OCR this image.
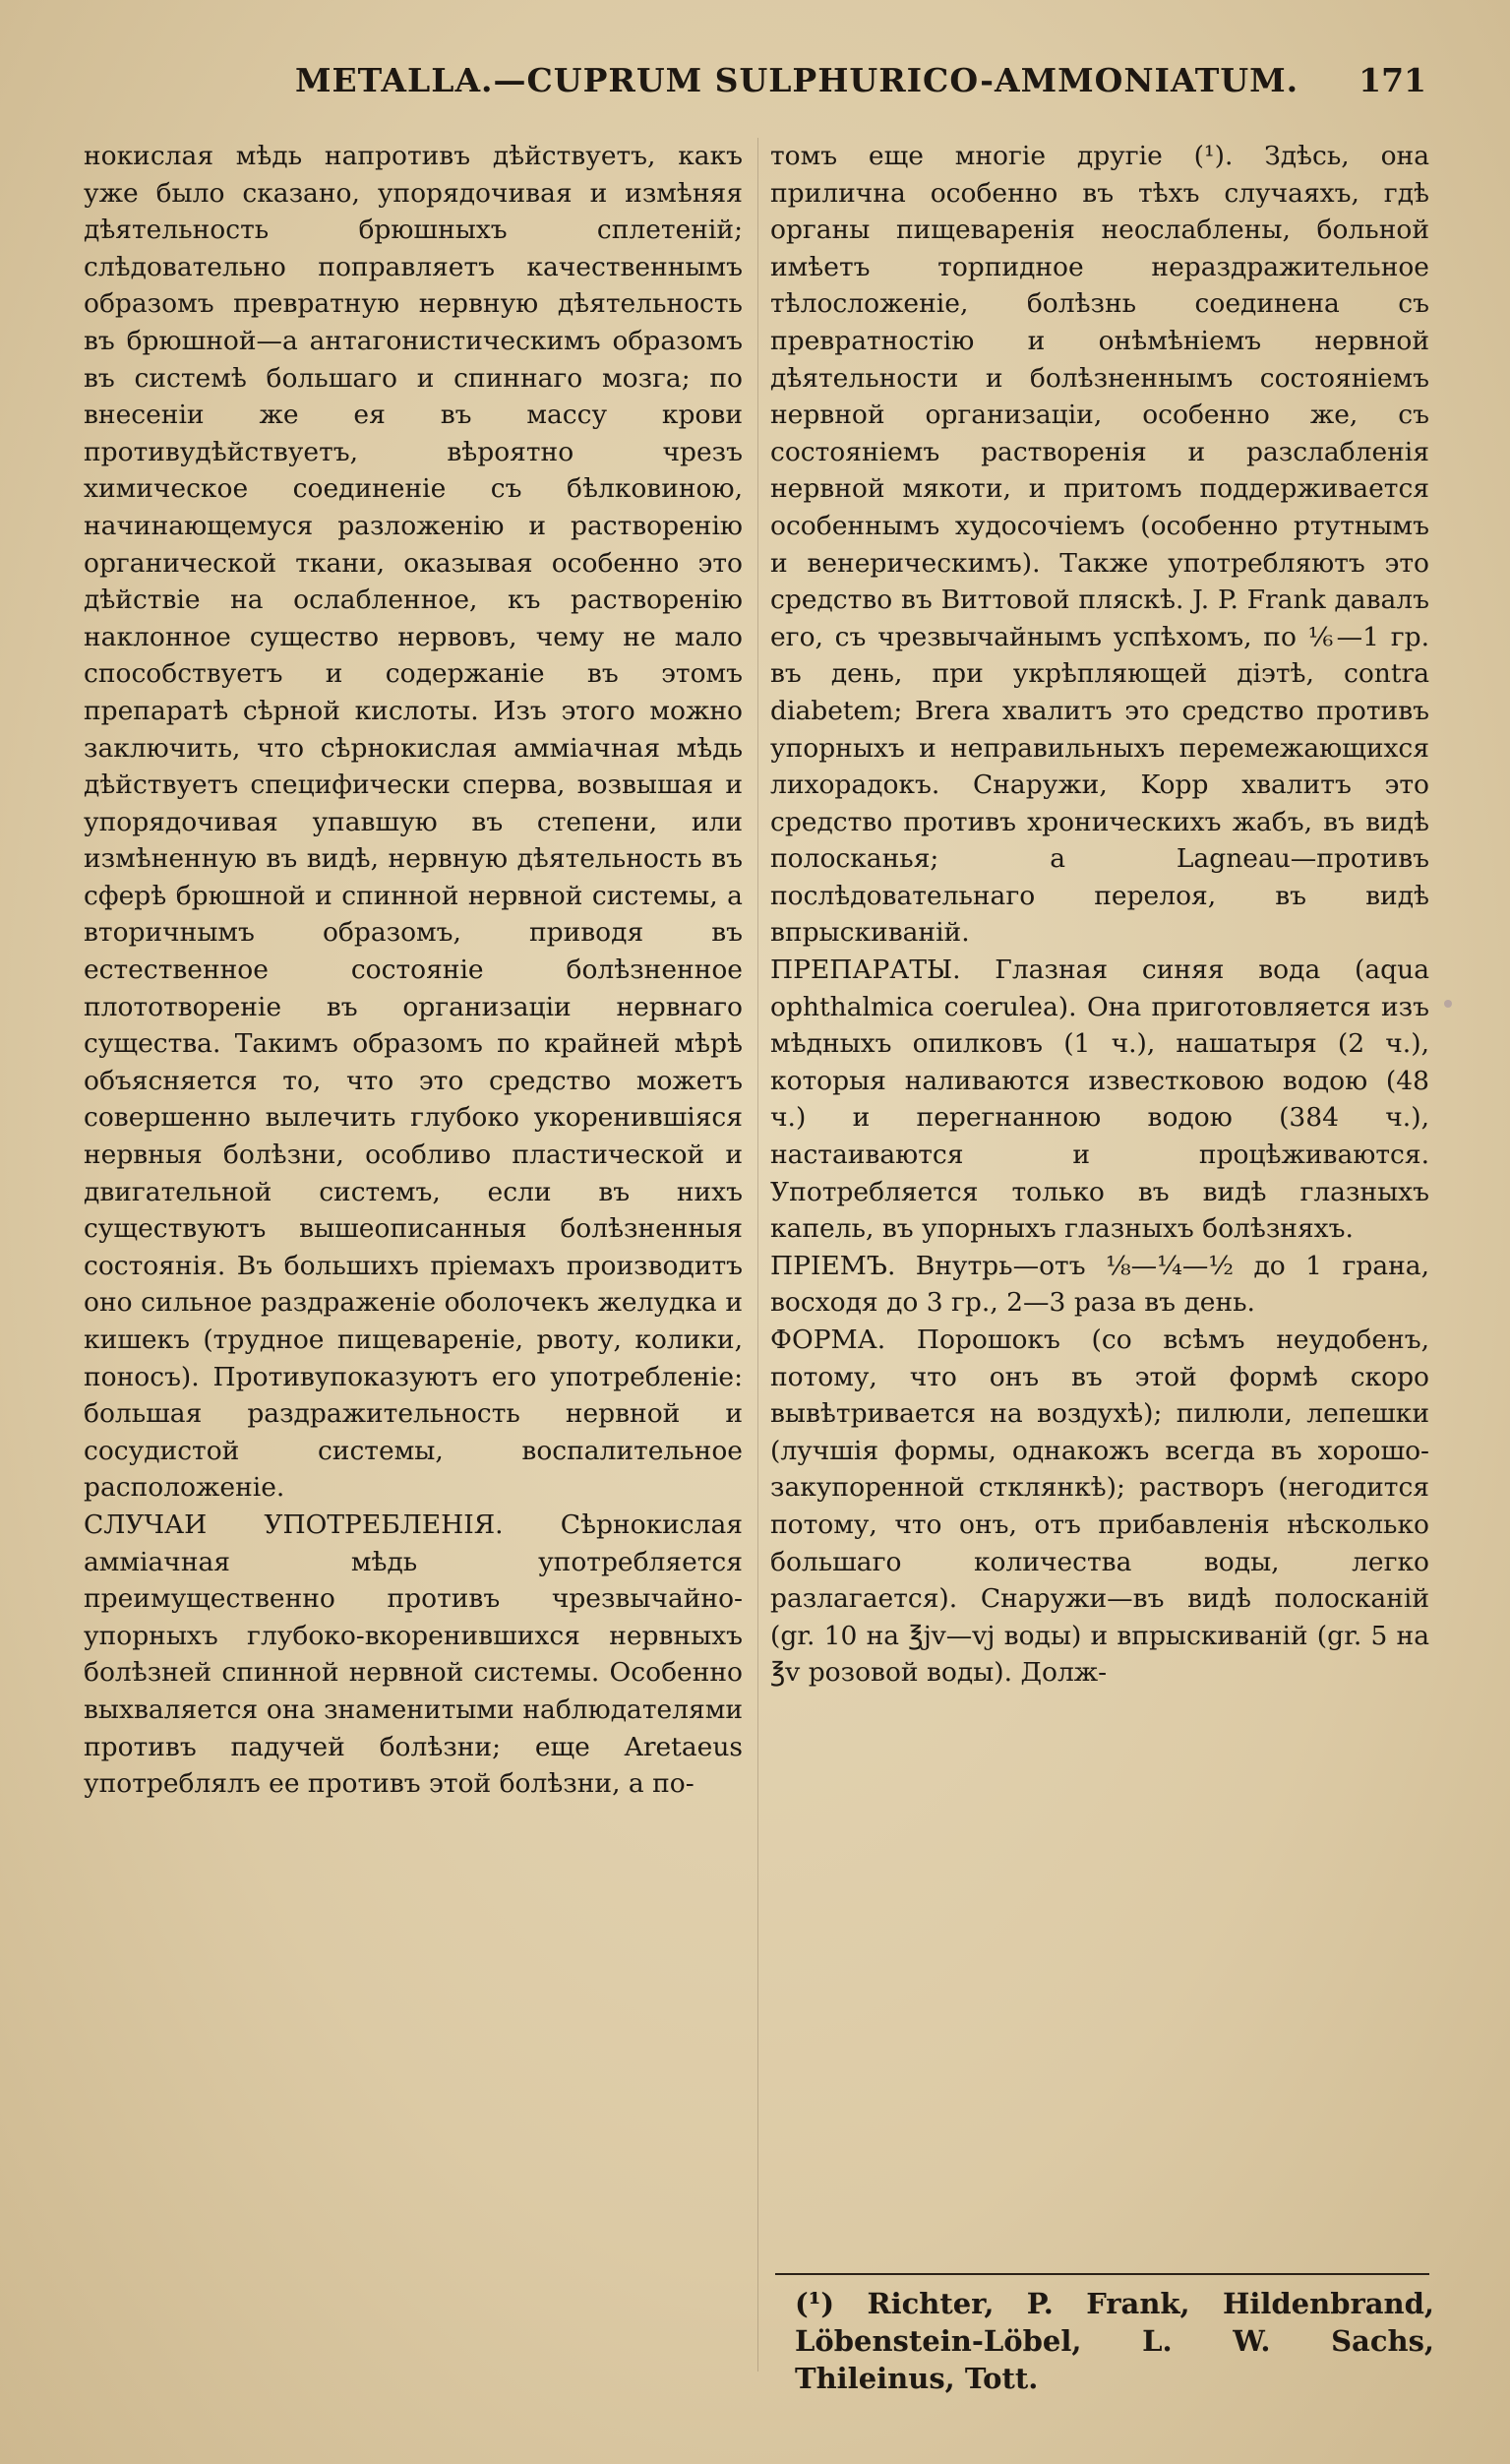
METALLA.—CUPRUM SULPHURICO-AMMONIATUM. 171

нокислая мѣдь напротивъ дѣйствуетъ, какъ уже было сказано, упорядочивая и измѣняя дѣятельность брюшныхъ сплетеній; слѣдовательно поправляетъ качественнымъ образомъ превратную нервную дѣятельность въ брюшной—а антагонистическимъ образомъ въ системѣ большаго и спиннаго мозга; по внесеніи же ея въ массу крови противудѣйствуетъ, вѣроятно чрезъ химическое соединеніе съ бѣлковиною, начинающемуся разложенію и растворенію органической ткани, оказывая особенно это дѣйствіе на ослабленное, къ растворенію наклонное существо нервовъ, чему не мало способствуетъ и содержаніе въ этомъ препаратѣ сѣрной кислоты. Изъ этого можно заключить, что сѣрнокислая аммiачная мѣдь дѣйствуетъ специфически сперва, возвышая и упорядочивая упавшую въ степени, или измѣненную въ видѣ, нервную дѣятельность въ сферѣ брюшной и спинной нервной системы, а вторичнымъ образомъ, приводя въ естественное состояніе болѣзненное плототвореніе въ организаціи нервнаго существа. Такимъ образомъ по крайней мѣрѣ объясняется то, что это средство можетъ совершенно вылечить глубоко укоренившіяся нервныя болѣзни, особливо пластической и двигательной системъ, если въ нихъ существуютъ вышеописанныя болѣзненныя состоянія. Въ большихъ пріемахъ производитъ оно сильное раздраженіе оболочекъ желудка и кишекъ (трудное пищевареніе, рвоту, колики, поносъ). Противупоказуютъ его употребленіе: большая раздражительность нервной и сосудистой системы, воспалительное расположеніе.

СЛУЧАИ УПОТРЕБЛЕНІЯ. Сѣрнокислая аммiачная мѣдь употребляется преимущественно противъ чрезвычайно-упорныхъ глубоко-вкоренившихся нервныхъ болѣзней спинной нервной системы. Особенно выхваляется она знаменитыми наблюдателями противъ падучей болѣзни; еще Aretaeus употреблялъ ее противъ этой болѣзни, а по-

томъ еще многіе другіе (¹). Здѣсь, она прилична особенно въ тѣхъ случаяхъ, гдѣ органы пищеваренія неослаблены, больной имѣетъ торпидное нераздражительное тѣлосложеніе, болѣзнь соединена съ превратностію и онѣмѣніемъ нервной дѣятельности и болѣзненнымъ состояніемъ нервной организаціи, особенно же, съ состояніемъ растворенія и разслабленія нервной мякоти, и притомъ поддерживается особеннымъ худосочіемъ (особенно ртутнымъ и венерическимъ). Также употребляютъ это средство въ Виттовой пляскѣ. J. P. Frank давалъ его, съ чрезвычайнымъ успѣхомъ, по ⅙—1 гр. въ день, при укрѣпляющей діэтѣ, contra diabetem; Brera хвалитъ это средство противъ упорныхъ и неправильныхъ перемежающихся лихорадокъ. Снаружи, Kopp хвалитъ это средство противъ хроническихъ жабъ, въ видѣ полосканья; а Lagneau—противъ послѣдовательнаго перелоя, въ видѣ впрыскиванiй.

ПРЕПАРАТЫ. Глазная синяя вода (aqua ophthalmica coerulea). Она приготовляется изъ мѣдныхъ опилковъ (1 ч.), нашатыря (2 ч.), которыя наливаются известковою водою (48 ч.) и перегнанною водою (384 ч.), настаиваются и процѣживаются. Употребляется только въ видѣ глазныхъ капель, въ упорныхъ глазныхъ болѣзняхъ.

ПРІЕМЪ. Внутрь—отъ ⅛—¼—½ до 1 грана, восходя до 3 гр., 2—3 раза въ день.

ФОРМА. Порошокъ (со всѣмъ неудобенъ, потому, что онъ въ этой формѣ скоро вывѣтривается на воздухѣ); пилюли, лепешки (лучшія формы, однакожъ всегда въ хорошо-закупоренной стклянкѣ); растворъ (негодится потому, что онъ, отъ прибавленія нѣсколько большаго количества воды, легко разлагается). Снаружи—въ видѣ полосканiй (gr. 10 на ℥jv—vj воды) и впрыскиванiй (gr. 5 на ℥v розовой воды). Долж-

(¹) Richter, P. Frank, Hildenbrand, Löbenstein-Löbel, L. W. Sachs, Thileinus, Tott.
